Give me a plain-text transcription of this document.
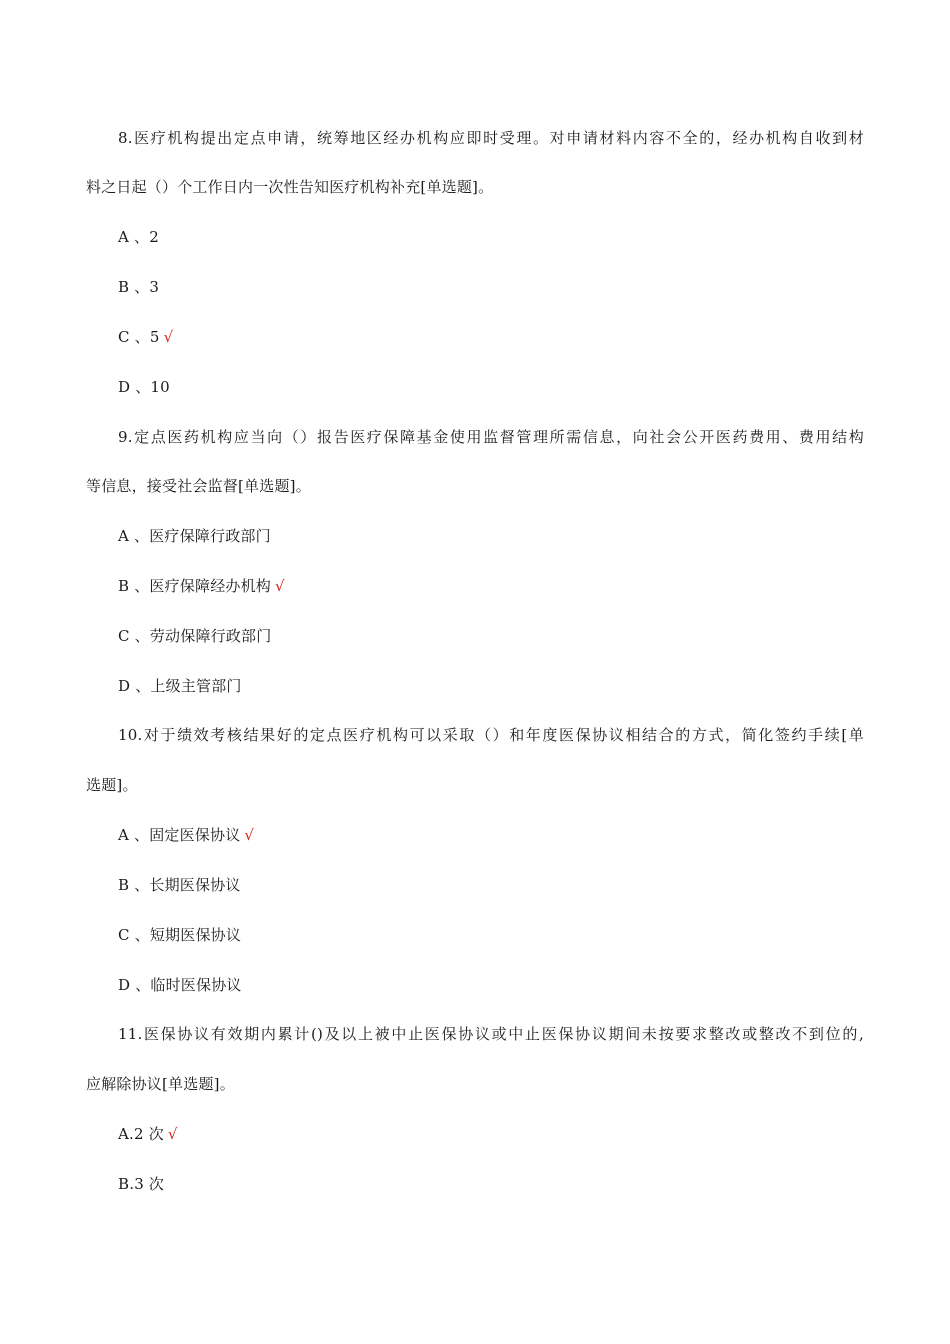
8.医疗机构提出定点申请，统筹地区经办机构应即时受理。对申请材料内容不全的，经办机构自收到材
料之日起（）个工作日内一次性告知医疗机构补充[单选题]。
A 、2
B 、3
C 、5 √
D 、10
9.定点医药机构应当向（）报告医疗保障基金使用监督管理所需信息，向社会公开医药费用、费用结构
等信息，接受社会监督[单选题]。
A 、医疗保障行政部门
B 、医疗保障经办机构 √
C 、劳动保障行政部门
D 、上级主管部门
10.对于绩效考核结果好的定点医疗机构可以采取（）和年度医保协议相结合的方式，简化签约手续[单
选题]。
A 、固定医保协议 √
B 、长期医保协议
C 、短期医保协议
D 、临时医保协议
11.医保协议有效期内累计()及以上被中止医保协议或中止医保协议期间未按要求整改或整改不到位的,
应解除协议[单选题]。
A.2 次 √
B.3 次
